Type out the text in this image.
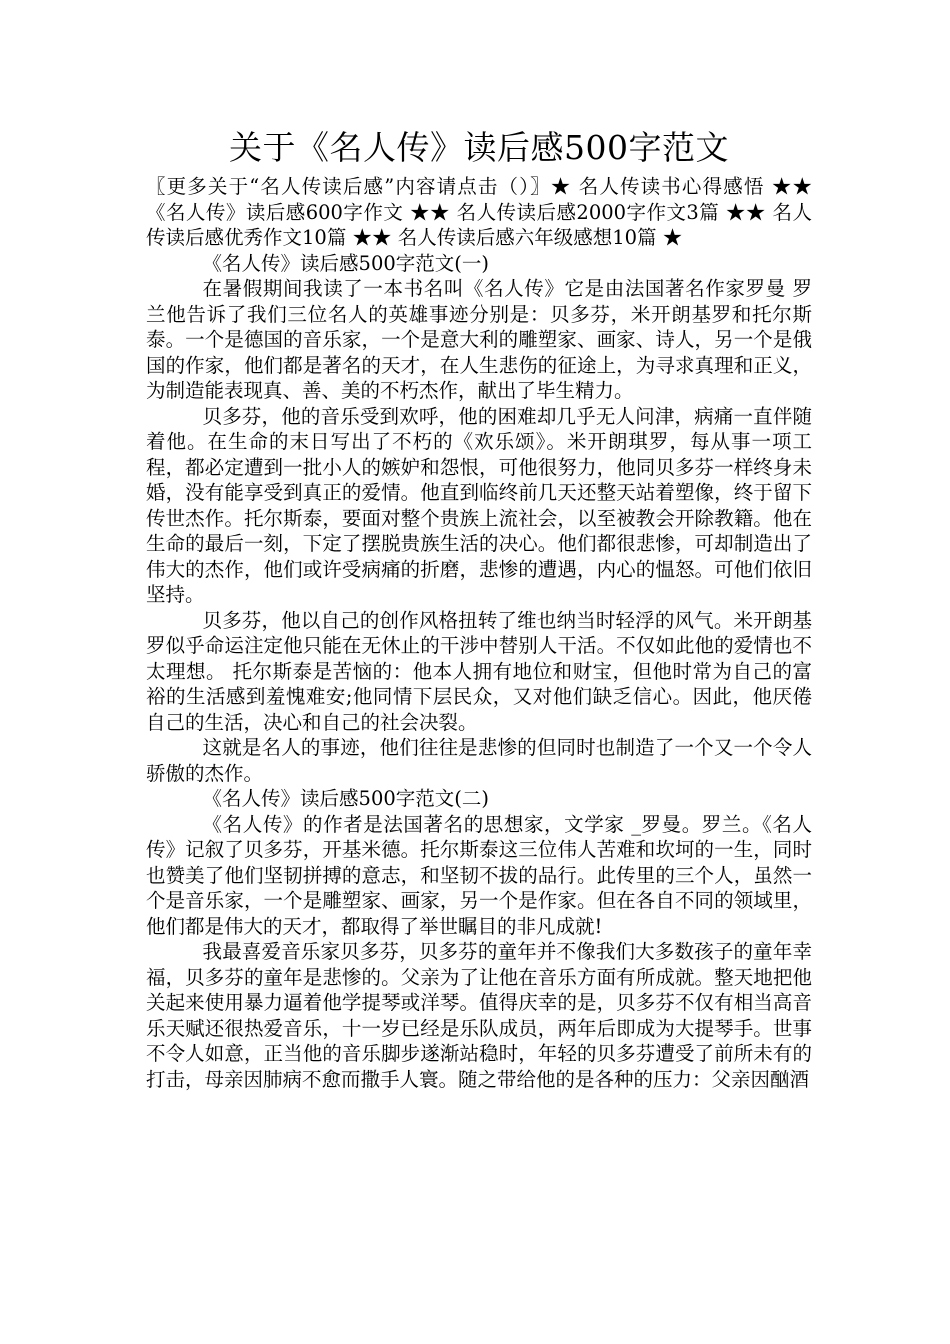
关于《名人传》读后感500字范文

〖更多关于“名人传读后感”内容请点击（）〗★ 名人传读书心得感悟 ★★ 《名人传》读后感600字作文 ★★ 名人传读后感2000字作文3篇 ★★ 名人传读后感优秀作文10篇 ★★ 名人传读后感六年级感想10篇 ★

《名人传》读后感500字范文(一)

在暑假期间我读了一本书名叫《名人传》它是由法国著名作家罗曼 罗兰他告诉了我们三位名人的英雄事迹分别是：贝多芬，米开朗基罗和托尔斯泰。一个是德国的音乐家，一个是意大利的雕塑家、画家、诗人，另一个是俄国的作家，他们都是著名的天才，在人生悲伤的征途上，为寻求真理和正义，为制造能表现真、善、美的不朽杰作，献出了毕生精力。

贝多芬，他的音乐受到欢呼，他的困难却几乎无人问津，病痛一直伴随着他。在生命的末日写出了不朽的《欢乐颂》。米开朗琪罗，每从事一项工程，都必定遭到一批小人的嫉妒和怨恨，可他很努力，他同贝多芬一样终身未婚，没有能享受到真正的爱情。他直到临终前几天还整天站着塑像，终于留下传世杰作。托尔斯泰，要面对整个贵族上流社会，以至被教会开除教籍。他在生命的最后一刻，下定了摆脱贵族生活的决心。他们都很悲惨，可却制造出了伟大的杰作，他们或许受病痛的折磨，悲惨的遭遇，内心的愠怒。可他们依旧坚持。

贝多芬，他以自己的创作风格扭转了维也纳当时轻浮的风气。米开朗基罗似乎命运注定他只能在无休止的干涉中替别人干活。不仅如此他的爱情也不太理想。 托尔斯泰是苦恼的：他本人拥有地位和财宝，但他时常为自己的富裕的生活感到羞愧难安;他同情下层民众，又对他们缺乏信心。因此，他厌倦自己的生活，决心和自己的社会决裂。

这就是名人的事迹，他们往往是悲惨的但同时也制造了一个又一个令人骄傲的杰作。

《名人传》读后感500字范文(二)

《名人传》的作者是法国著名的思想家，文学家 _罗曼。罗兰。《名人传》记叙了贝多芬，开基米德。托尔斯泰这三位伟人苦难和坎坷的一生，同时也赞美了他们坚韧拼搏的意志，和坚韧不拔的品行。此传里的三个人，虽然一个是音乐家，一个是雕塑家、画家，另一个是作家。但在各自不同的领域里，他们都是伟大的天才，都取得了举世瞩目的非凡成就!

我最喜爱音乐家贝多芬，贝多芬的童年并不像我们大多数孩子的童年幸福，贝多芬的童年是悲惨的。父亲为了让他在音乐方面有所成就。整天地把他关起来使用暴力逼着他学提琴或洋琴。值得庆幸的是，贝多芬不仅有相当高音乐天赋还很热爱音乐，十一岁已经是乐队成员，两年后即成为大提琴手。世事不令人如意，正当他的音乐脚步遂渐站稳时，年轻的贝多芬遭受了前所未有的打击，母亲因肺病不愈而撒手人寰。随之带给他的是各种的压力：父亲因酗酒
